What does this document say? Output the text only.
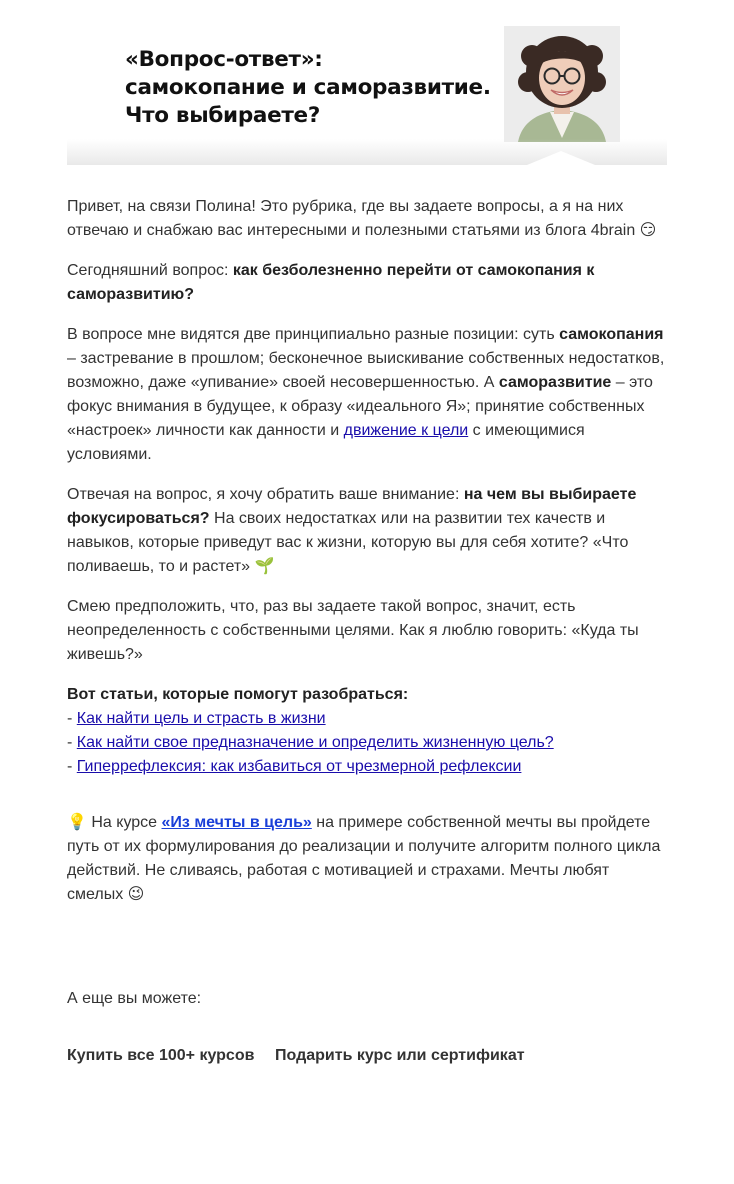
«Вопрос-ответ»:
самокопание и саморазвитие.
Что выбираете?

Привет, на связи Полина! Это рубрика, где вы задаете вопросы, а я на них отвечаю и снабжаю вас интересными и полезными статьями из блога 4brain 😏

Сегодняшний вопрос: как безболезненно перейти от самокопания к саморазвитию?

В вопросе мне видятся две принципиально разные позиции: суть самокопания – застревание в прошлом; бесконечное выискивание собственных недостатков, возможно, даже «упивание» своей несовершенностью. А саморазвитие – это фокус внимания в будущее, к образу «идеального Я»; принятие собственных «настроек» личности как данности и движение к цели с имеющимися условиями.

Отвечая на вопрос, я хочу обратить ваше внимание: на чем вы выбираете фокусироваться? На своих недостатках или на развитии тех качеств и навыков, которые приведут вас к жизни, которую вы для себя хотите? «Что поливаешь, то и растет» 🌱

Смею предположить, что, раз вы задаете такой вопрос, значит, есть неопределенность с собственными целями. Как я люблю говорить: «Куда ты живешь?»

Вот статьи, которые помогут разобраться:
- Как найти цель и страсть в жизни
- Как найти свое предназначение и определить жизненную цель?
- Гиперрефлексия: как избавиться от чрезмерной рефлексии

💡 На курсе «Из мечты в цель» на примере собственной мечты вы пройдете путь от их формулирования до реализации и получите алгоритм полного цикла действий. Не сливаясь, работая с мотивацией и страхами. Мечты любят смелых 😉

А еще вы можете:

Купить все 100+ курсов Подарить курс или сертификат
